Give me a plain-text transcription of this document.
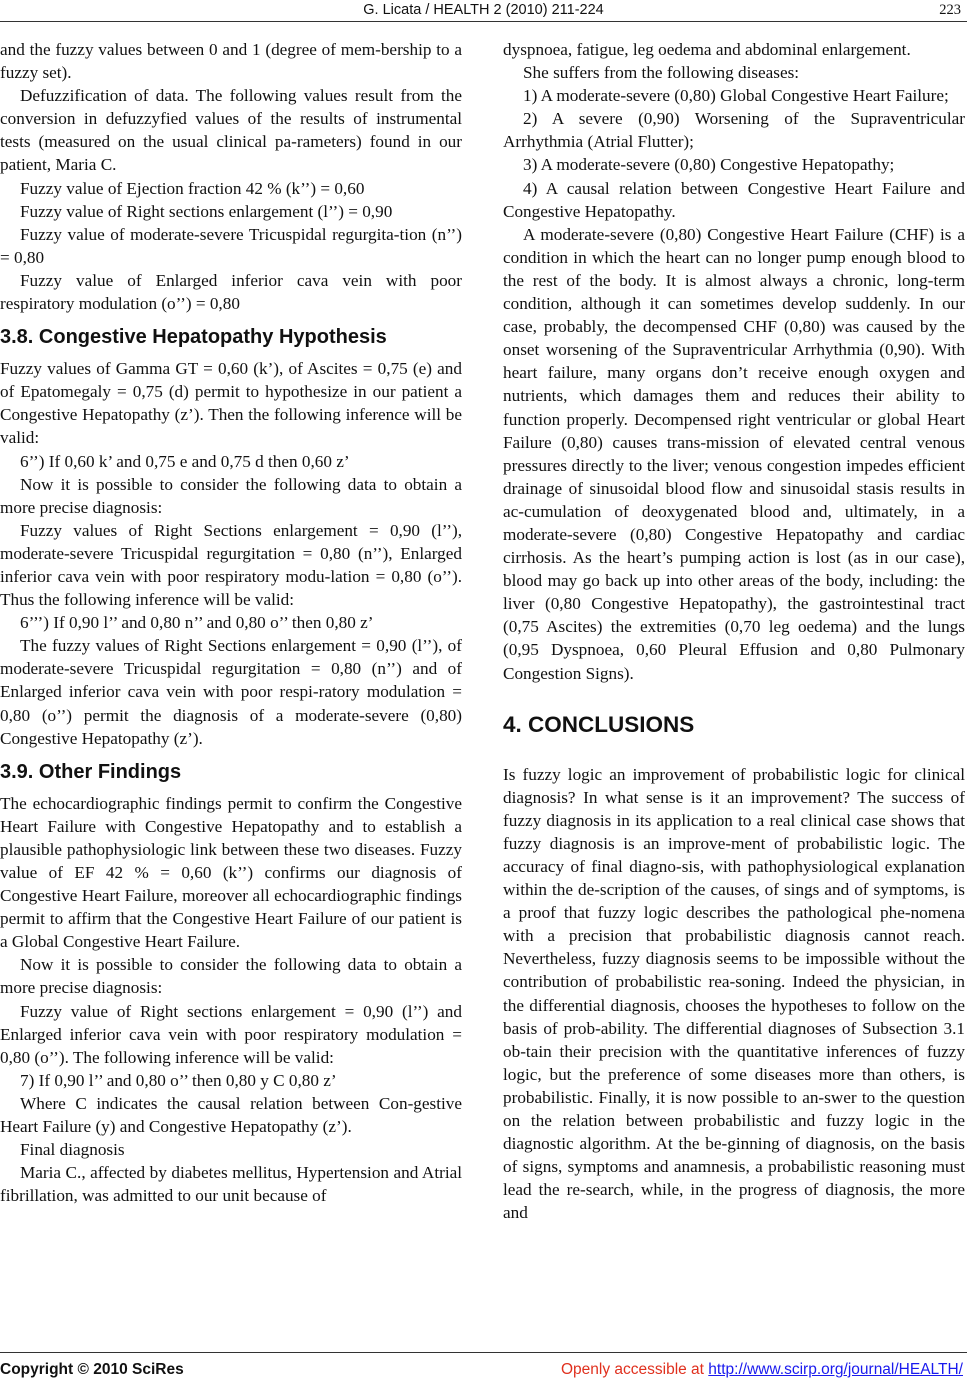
G. Licata / HEALTH 2 (2010) 211-224	223

and the fuzzy values between 0 and 1 (degree of mem-bership to a fuzzy set).

Defuzzification of data. The following values result from the conversion in defuzzyfied values of the results of instrumental tests (measured on the usual clinical pa-rameters) found in our patient, Maria C.

Fuzzy value of Ejection fraction 42 % (k’’) = 0,60

Fuzzy value of Right sections enlargement (l’’) = 0,90

Fuzzy value of moderate-severe Tricuspidal regurgita-tion (n’’) = 0,80

Fuzzy value of Enlarged inferior cava vein with poor respiratory modulation (o’’) = 0,80

3.8. Congestive Hepatopathy Hypothesis

Fuzzy values of Gamma GT = 0,60 (k’), of Ascites = 0,75 (e) and of Epatomegaly = 0,75 (d) permit to hypothesize in our patient a Congestive Hepatopathy (z’). Then the following inference will be valid:

6’’) If 0,60 k’ and 0,75 e and 0,75 d then 0,60 z’

Now it is possible to consider the following data to obtain a more precise diagnosis:

Fuzzy values of Right Sections enlargement = 0,90 (l’’), moderate-severe Tricuspidal regurgitation = 0,80 (n’’), Enlarged inferior cava vein with poor respiratory modu-lation = 0,80 (o’’). Thus the following inference will be valid:

6’’’) If 0,90 l’’ and 0,80 n’’ and 0,80 o’’ then 0,80 z’

The fuzzy values of Right Sections enlargement = 0,90 (l’’), of moderate-severe Tricuspidal regurgitation = 0,80 (n’’) and of Enlarged inferior cava vein with poor respi-ratory modulation = 0,80 (o’’) permit the diagnosis of a moderate-severe (0,80) Congestive Hepatopathy (z’).

3.9. Other Findings

The echocardiographic findings permit to confirm the Congestive Heart Failure with Congestive Hepatopathy and to establish a plausible pathophysiologic link between these two diseases. Fuzzy value of EF 42 % = 0,60 (k’’) confirms our diagnosis of Congestive Heart Failure, moreover all echocardiographic findings permit to affirm that the Congestive Heart Failure of our patient is a Global Congestive Heart Failure.

Now it is possible to consider the following data to obtain a more precise diagnosis:

Fuzzy value of Right sections enlargement = 0,90 (l’’) and Enlarged inferior cava vein with poor respiratory modulation = 0,80 (o’’). The following inference will be valid:

7) If 0,90 l’’ and 0,80 o’’ then 0,80 y C 0,80 z’

Where C indicates the causal relation between Con-gestive Heart Failure (y) and Congestive Hepatopathy (z’).

Final diagnosis

Maria C., affected by diabetes mellitus, Hypertension and Atrial fibrillation, was admitted to our unit because of

dyspnoea, fatigue, leg oedema and abdominal enlargement.

She suffers from the following diseases:

1) A moderate-severe (0,80) Global Congestive Heart Failure;

2) A severe (0,90) Worsening of the Supraventricular Arrhythmia (Atrial Flutter);

3) A moderate-severe (0,80) Congestive Hepatopathy;

4) A causal relation between Congestive Heart Failure and Congestive Hepatopathy.

A moderate-severe (0,80) Congestive Heart Failure (CHF) is a condition in which the heart can no longer pump enough blood to the rest of the body. It is almost always a chronic, long-term condition, although it can sometimes develop suddenly. In our case, probably, the decompensed CHF (0,80) was caused by the onset worsening of the Supraventricular Arrhythmia (0,90). With heart failure, many organs don’t receive enough oxygen and nutrients, which damages them and reduces their ability to function properly. Decompensed right ventricular or global Heart Failure (0,80) causes trans-mission of elevated central venous pressures directly to the liver; venous congestion impedes efficient drainage of sinusoidal blood flow and sinusoidal stasis results in ac-cumulation of deoxygenated blood and, ultimately, in a moderate-severe (0,80) Congestive Hepatopathy and cardiac cirrhosis. As the heart’s pumping action is lost (as in our case), blood may go back up into other areas of the body, including: the liver (0,80 Congestive Hepatopathy), the gastrointestinal tract (0,75 Ascites) the extremities (0,70 leg oedema) and the lungs (0,95 Dyspnoea, 0,60 Pleural Effusion and 0,80 Pulmonary Congestion Signs).

4. CONCLUSIONS

Is fuzzy logic an improvement of probabilistic logic for clinical diagnosis? In what sense is it an improvement? The success of fuzzy diagnosis in its application to a real clinical case shows that fuzzy diagnosis is an improve-ment of probabilistic logic. The accuracy of final diagno-sis, with pathophysiological explanation within the de-scription of the causes, of sings and of symptoms, is a proof that fuzzy logic describes the pathological phe-nomena with a precision that probabilistic diagnosis cannot reach. Nevertheless, fuzzy diagnosis seems to be impossible without the contribution of probabilistic rea-soning. Indeed the physician, in the differential diagnosis, chooses the hypotheses to follow on the basis of prob-ability. The differential diagnoses of Subsection 3.1 ob-tain their precision with the quantitative inferences of fuzzy logic, but the preference of some diseases more than others, is probabilistic. Finally, it is now possible to an-swer to the question on the relation between probabilistic and fuzzy logic in the diagnostic algorithm. At the be-ginning of diagnosis, on the basis of signs, symptoms and anamnesis, a probabilistic reasoning must lead the re-search, while, in the progress of diagnosis, the more and

Copyright © 2010 SciRes	Openly accessible at http://www.scirp.org/journal/HEALTH/
